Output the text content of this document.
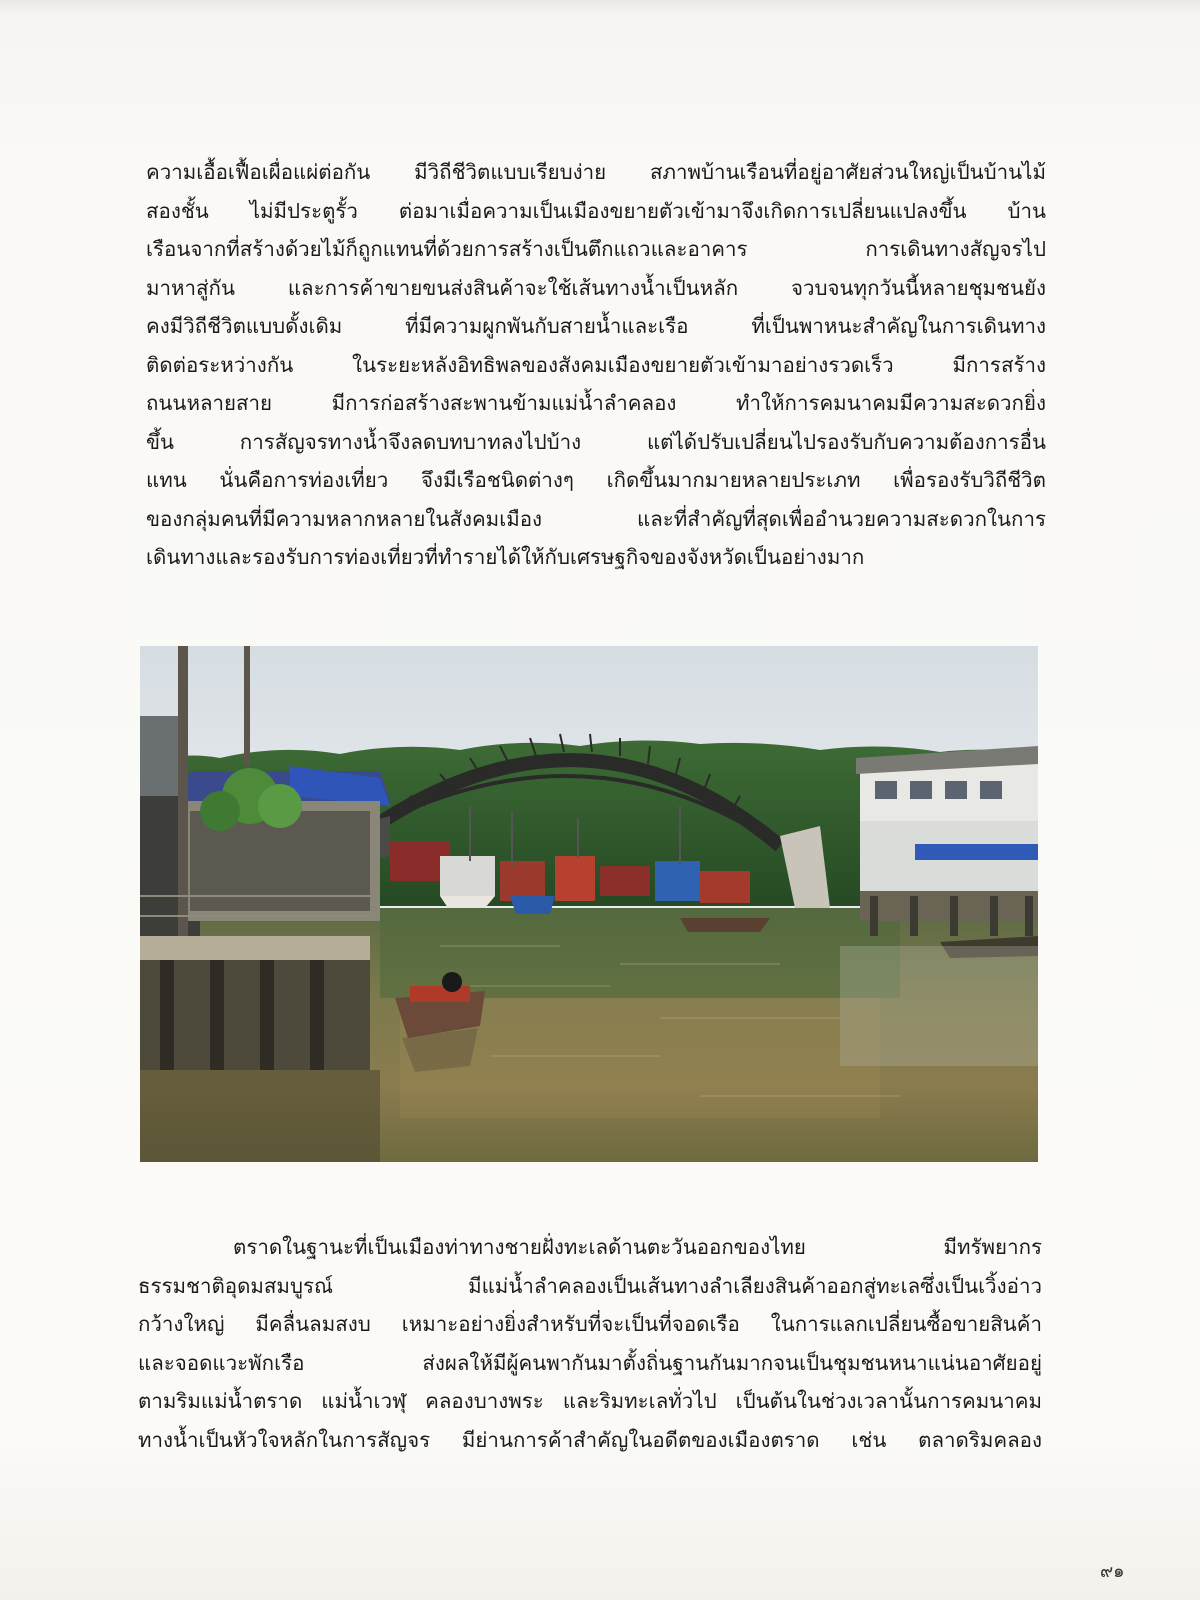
ความเอื้อเฟื้อเผื่อแผ่ต่อกัน มีวิถีชีวิตแบบเรียบง่าย สภาพบ้านเรือนที่อยู่อาศัยส่วนใหญ่เป็นบ้านไม้
สองชั้น ไม่มีประตูรั้ว ต่อมาเมื่อความเป็นเมืองขยายตัวเข้ามาจึงเกิดการเปลี่ยนแปลงขึ้น บ้าน
เรือนจากที่สร้างด้วยไม้ก็ถูกแทนที่ด้วยการสร้างเป็นตึกแถวและอาคาร การเดินทางสัญจรไป
มาหาสู่กัน และการค้าขายขนส่งสินค้าจะใช้เส้นทางน้ำเป็นหลัก จวบจนทุกวันนี้หลายชุมชนยัง
คงมีวิถีชีวิตแบบดั้งเดิม ที่มีความผูกพันกับสายน้ำและเรือ ที่เป็นพาหนะสำคัญในการเดินทาง
ติดต่อระหว่างกัน ในระยะหลังอิทธิพลของสังคมเมืองขยายตัวเข้ามาอย่างรวดเร็ว มีการสร้าง
ถนนหลายสาย มีการก่อสร้างสะพานข้ามแม่น้ำลำคลอง ทำให้การคมนาคมมีความสะดวกยิ่ง
ขึ้น การสัญจรทางน้ำจึงลดบทบาทลงไปบ้าง แต่ได้ปรับเปลี่ยนไปรองรับกับความต้องการอื่น
แทน นั่นคือการท่องเที่ยว จึงมีเรือชนิดต่างๆ เกิดขึ้นมากมายหลายประเภท เพื่อรองรับวิถีชีวิต
ของกลุ่มคนที่มีความหลากหลายในสังคมเมือง และที่สำคัญที่สุดเพื่ออำนวยความสะดวกในการ
เดินทางและรองรับการท่องเที่ยวที่ทำรายได้ให้กับเศรษฐกิจของจังหวัดเป็นอย่างมาก
ตราดในฐานะที่เป็นเมืองท่าทางชายฝั่งทะเลด้านตะวันออกของไทย มีทรัพยากร
ธรรมชาติอุดมสมบูรณ์ มีแม่น้ำลำคลองเป็นเส้นทางลำเลียงสินค้าออกสู่ทะเลซึ่งเป็นเวิ้งอ่าว
กว้างใหญ่ มีคลื่นลมสงบ เหมาะอย่างยิ่งสำหรับที่จะเป็นที่จอดเรือ ในการแลกเปลี่ยนซื้อขายสินค้า
และจอดแวะพักเรือ ส่งผลให้มีผู้คนพากันมาตั้งถิ่นฐานกันมากจนเป็นชุมชนหนาแน่นอาศัยอยู่
ตามริมแม่น้ำตราด แม่น้ำเวฬุ คลองบางพระ และริมทะเลทั่วไป เป็นต้นในช่วงเวลานั้นการคมนาคม
ทางน้ำเป็นหัวใจหลักในการสัญจร มีย่านการค้าสำคัญในอดีตของเมืองตราด เช่น ตลาดริมคลอง
๙๑
